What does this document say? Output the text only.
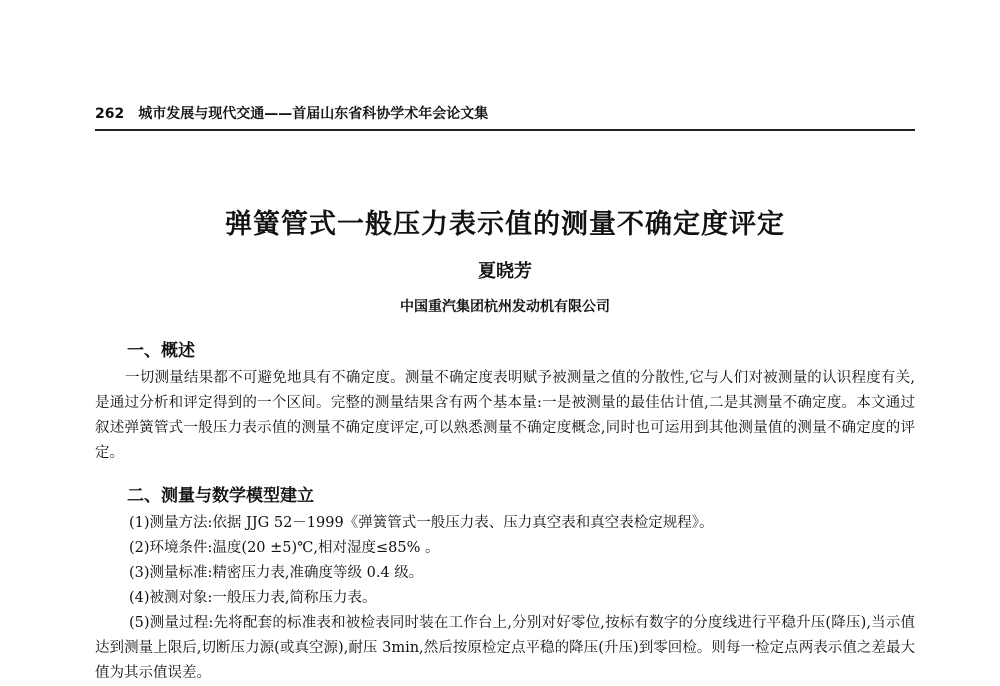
262 城市发展与现代交通——首届山东省科协学术年会论文集
弹簧管式一般压力表示值的测量不确定度评定
夏晓芳
中国重汽集团杭州发动机有限公司
一、概述
一切测量结果都不可避免地具有不确定度。测量不确定度表明赋予被测量之值的分散性,它与人们对被测量的认识程度有关,是通过分析和评定得到的一个区间。完整的测量结果含有两个基本量:一是被测量的最佳估计值,二是其测量不确定度。本文通过叙述弹簧管式一般压力表示值的测量不确定度评定,可以熟悉测量不确定度概念,同时也可运用到其他测量值的测量不确定度的评定。
二、测量与数学模型建立
(1)测量方法:依据 JJG 52－1999《弹簧管式一般压力表、压力真空表和真空表检定规程》。
(2)环境条件:温度(20 ±5)℃,相对湿度≤85% 。
(3)测量标准:精密压力表,准确度等级 0.4 级。
(4)被测对象:一般压力表,简称压力表。
(5)测量过程:先将配套的标准表和被检表同时装在工作台上,分别对好零位,按标有数字的分度线进行平稳升压(降压),当示值达到测量上限后,切断压力源(或真空源),耐压 3min,然后按原检定点平稳的降压(升压)到零回检。则每一检定点两表示值之差最大值为其示值误差。
